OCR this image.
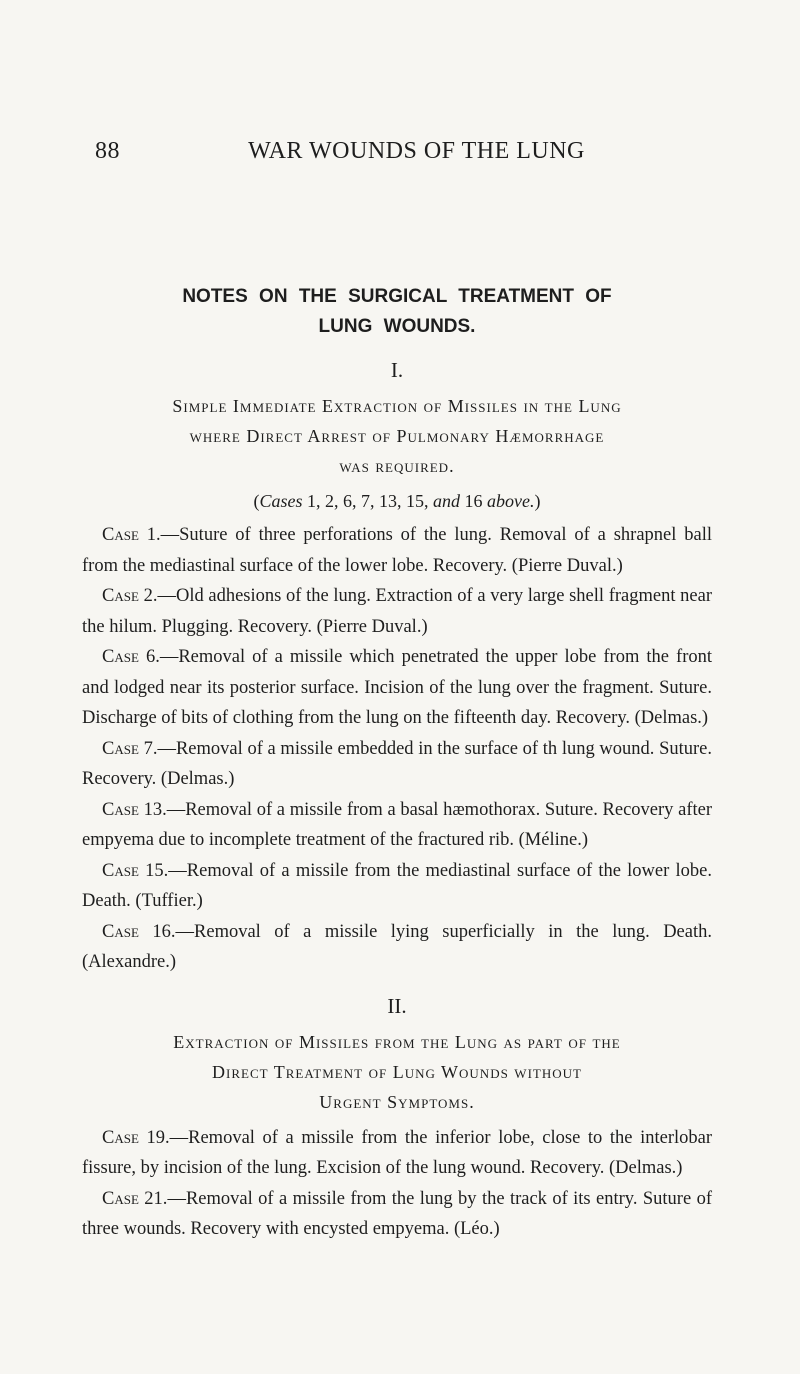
88	WAR WOUNDS OF THE LUNG

NOTES ON THE SURGICAL TREATMENT OF
LUNG WOUNDS.

I.

Simple Immediate Extraction of Missiles in the Lung
where Direct Arrest of Pulmonary Hæmorrhage
was required.

(Cases 1, 2, 6, 7, 13, 15, and 16 above.)

Case 1.—Suture of three perforations of the lung. Removal of a shrapnel ball from the mediastinal surface of the lower lobe. Recovery. (Pierre Duval.)

Case 2.—Old adhesions of the lung. Extraction of a very large shell fragment near the hilum. Plugging. Recovery. (Pierre Duval.)

Case 6.—Removal of a missile which penetrated the upper lobe from the front and lodged near its posterior surface. Incision of the lung over the fragment. Suture. Discharge of bits of clothing from the lung on the fifteenth day. Recovery. (Delmas.)

Case 7.—Removal of a missile embedded in the surface of th lung wound. Suture. Recovery. (Delmas.)

Case 13.—Removal of a missile from a basal hæmothorax. Suture. Recovery after empyema due to incomplete treatment of the fractured rib. (Méline.)

Case 15.—Removal of a missile from the mediastinal surface of the lower lobe. Death. (Tuffier.)

Case 16.—Removal of a missile lying superficially in the lung. Death. (Alexandre.)

II.

Extraction of Missiles from the Lung as part of the
Direct Treatment of Lung Wounds without
Urgent Symptoms.

Case 19.—Removal of a missile from the inferior lobe, close to the interlobar fissure, by incision of the lung. Excision of the lung wound. Recovery. (Delmas.)

Case 21.—Removal of a missile from the lung by the track of its entry. Suture of three wounds. Recovery with encysted empyema. (Léo.)
